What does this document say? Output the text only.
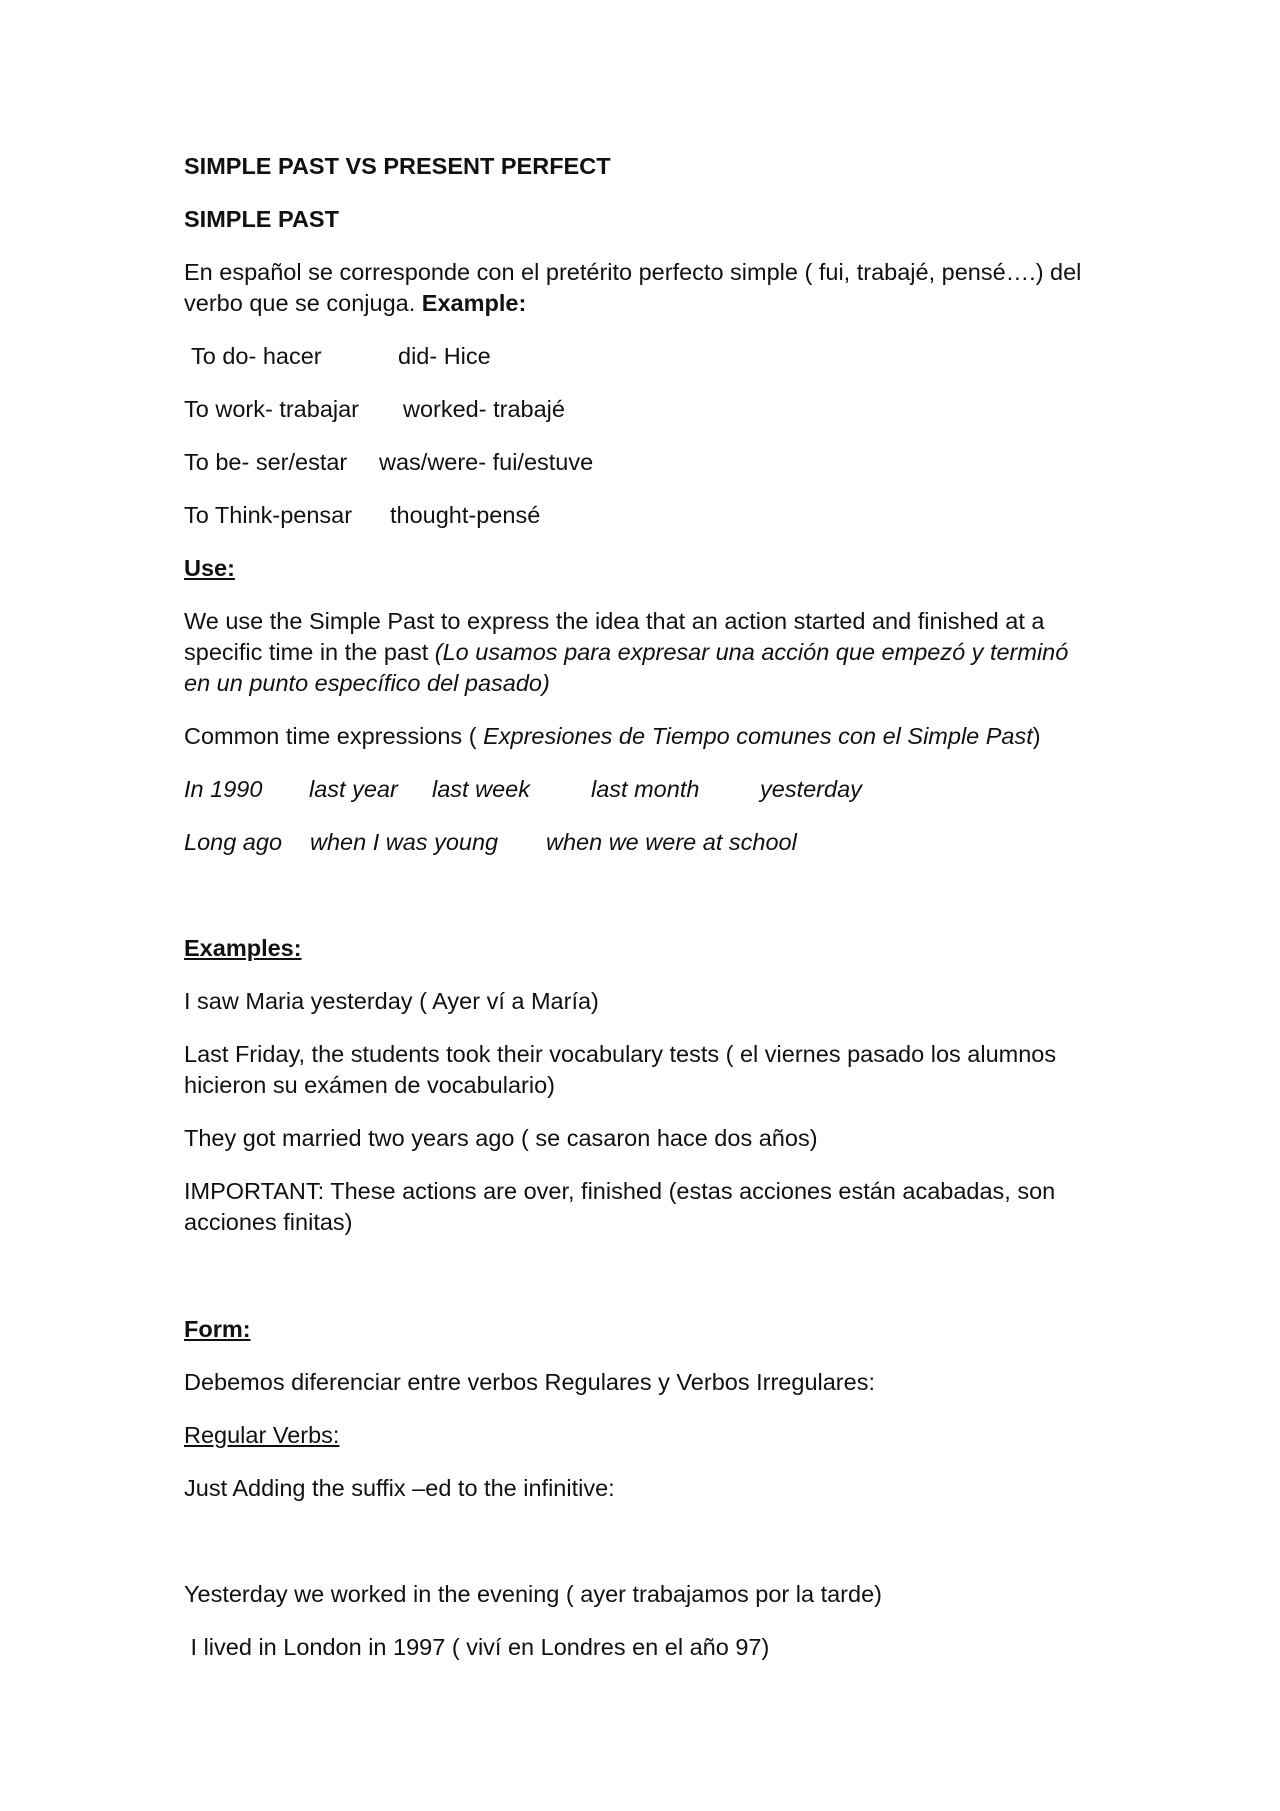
SIMPLE PAST VS PRESENT PERFECT

SIMPLE PAST

En español se corresponde con el pretérito perfecto simple ( fui, trabajé, pensé….) del verbo que se conjuga. Example:

To do- hacer	did- Hice
To work- trabajar worked- trabajé
To be- ser/estar was/were- fui/estuve
To Think-pensar thought-pensé

Use:

We use the Simple Past to express the idea that an action started and finished at a specific time in the past (Lo usamos para expresar una acción que empezó y terminó en un punto específico del pasado)

Common time expressions ( Expresiones de Tiempo comunes con el Simple Past)

In 1990 last year last week	last month	yesterday
Long ago when I was young when we were at school

Examples:

I saw Maria yesterday ( Ayer ví a María)

Last Friday, the students took their vocabulary tests ( el viernes pasado los alumnos hicieron su exámen de vocabulario)

They got married two years ago ( se casaron hace dos años)

IMPORTANT: These actions are over, finished (estas acciones están acabadas, son acciones finitas)

Form:

Debemos diferenciar entre verbos Regulares y Verbos Irregulares:

Regular Verbs:

Just Adding the suffix –ed to the infinitive:

Yesterday we worked in the evening ( ayer trabajamos por la tarde)

I lived in London in 1997 ( viví en Londres en el año 97)
